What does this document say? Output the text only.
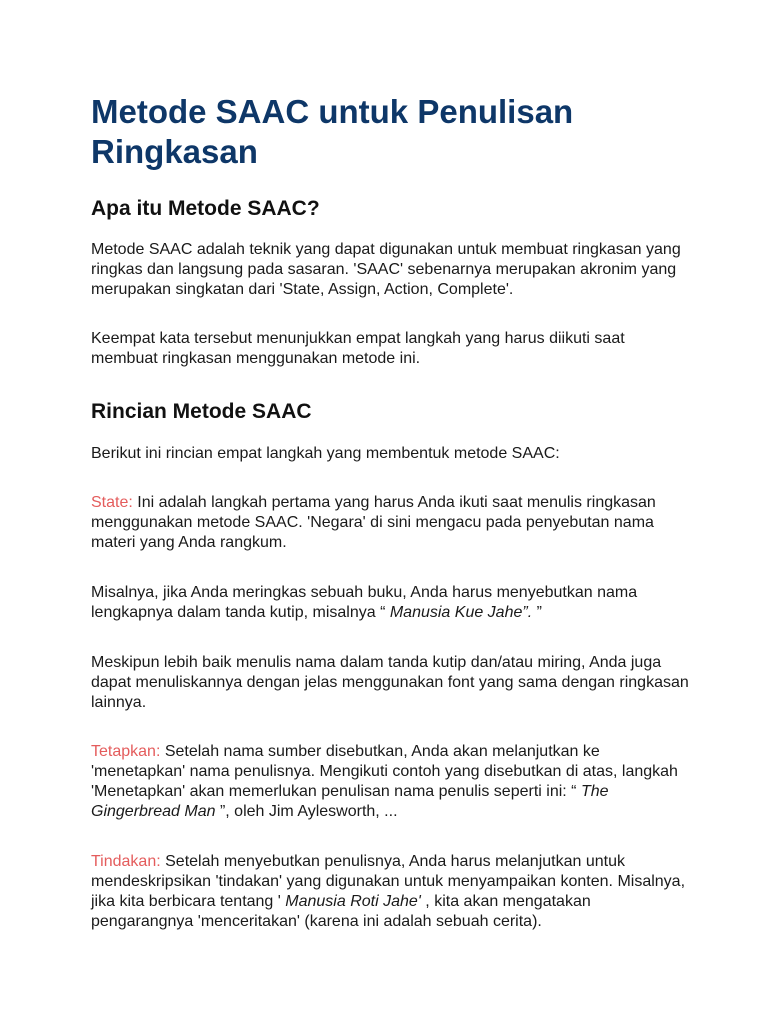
Metode SAAC untuk Penulisan Ringkasan
Apa itu Metode SAAC?

Metode SAAC adalah teknik yang dapat digunakan untuk membuat ringkasan yang ringkas dan langsung pada sasaran. 'SAAC' sebenarnya merupakan akronim yang merupakan singkatan dari 'State, Assign, Action, Complete'.

Keempat kata tersebut menunjukkan empat langkah yang harus diikuti saat membuat ringkasan menggunakan metode ini.

Rincian Metode SAAC

Berikut ini rincian empat langkah yang membentuk metode SAAC:

State: Ini adalah langkah pertama yang harus Anda ikuti saat menulis ringkasan menggunakan metode SAAC. 'Negara' di sini mengacu pada penyebutan nama materi yang Anda rangkum.

Misalnya, jika Anda meringkas sebuah buku, Anda harus menyebutkan nama lengkapnya dalam tanda kutip, misalnya “ Manusia Kue Jahe”. ”

Meskipun lebih baik menulis nama dalam tanda kutip dan/atau miring, Anda juga dapat menuliskannya dengan jelas menggunakan font yang sama dengan ringkasan lainnya.

Tetapkan: Setelah nama sumber disebutkan, Anda akan melanjutkan ke 'menetapkan' nama penulisnya. Mengikuti contoh yang disebutkan di atas, langkah 'Menetapkan' akan memerlukan penulisan nama penulis seperti ini: “ The Gingerbread Man ”, oleh Jim Aylesworth, ...

Tindakan: Setelah menyebutkan penulisnya, Anda harus melanjutkan untuk mendeskripsikan 'tindakan' yang digunakan untuk menyampaikan konten. Misalnya, jika kita berbicara tentang ' Manusia Roti Jahe' , kita akan mengatakan pengarangnya 'menceritakan' (karena ini adalah sebuah cerita).
